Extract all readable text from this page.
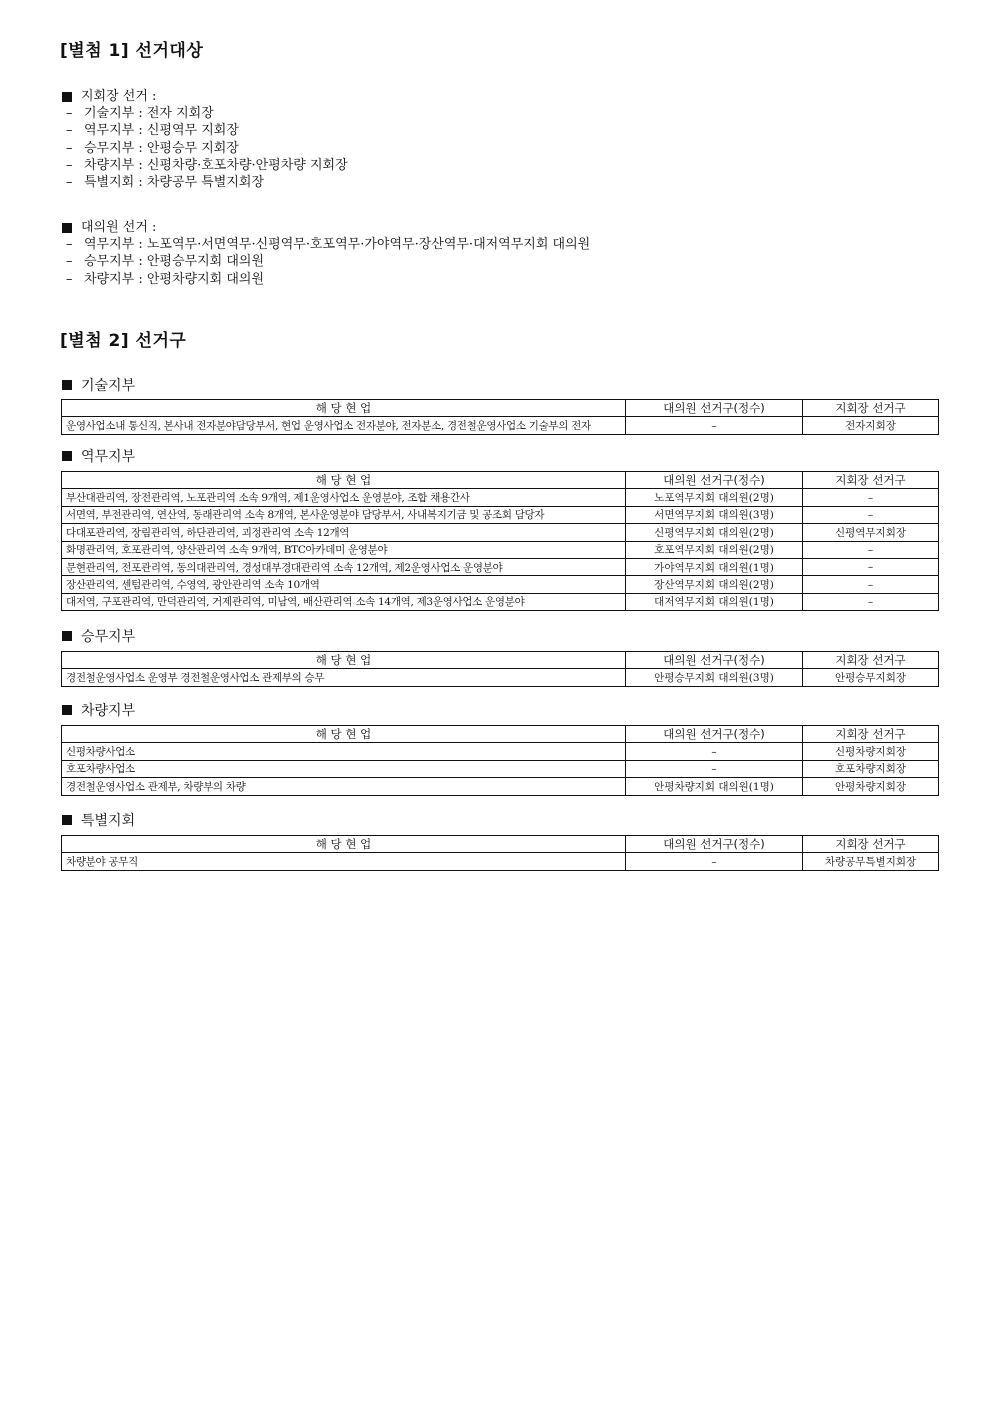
[별첨 1] 선거대상
지회장 선거 :
– 기술지부 : 전자 지회장
– 역무지부 : 신평역무 지회장
– 승무지부 : 안평승무 지회장
– 차량지부 : 신평차량·호포차량·안평차량 지회장
– 특별지회 : 차량공무 특별지회장
대의원 선거 :
– 역무지부 : 노포역무·서면역무·신평역무·호포역무·가야역무·장산역무·대저역무지회 대의원
– 승무지부 : 안평승무지회 대의원
– 차량지부 : 안평차량지회 대의원
[별첨 2] 선거구
기술지부
해 당 현 업	대의원 선거구(정수)	지회장 선거구
운영사업소내 통신직, 본사내 전자분야담당부서, 현업 운영사업소 전자분야, 전자분소, 경전철운영사업소 기술부의 전자	–	전자지회장
역무지부
해 당 현 업	대의원 선거구(정수)	지회장 선거구
부산대관리역, 장전관리역, 노포관리역 소속 9개역, 제1운영사업소 운영분야, 조합 채용간사	노포역무지회 대의원(2명)	–
서면역, 부전관리역, 연산역, 동래관리역 소속 8개역, 본사운영분야 담당부서, 사내복지기금 및 공조회 담당자	서면역무지회 대의원(3명)	–
다대포관리역, 장림관리역, 하단관리역, 괴정관리역 소속 12개역	신평역무지회 대의원(2명)	신평역무지회장
화명관리역, 호포관리역, 양산관리역 소속 9개역, BTC아카데미 운영분야	호포역무지회 대의원(2명)	–
문현관리역, 전포관리역, 동의대관리역, 경성대부경대관리역 소속 12개역, 제2운영사업소 운영분야	가야역무지회 대의원(1명)	–
장산관리역, 센텀관리역, 수영역, 광안관리역 소속 10개역	장산역무지회 대의원(2명)	–
대저역, 구포관리역, 만덕관리역, 거제관리역, 미남역, 배산관리역 소속 14개역, 제3운영사업소 운영분야	대저역무지회 대의원(1명)	–
승무지부
해 당 현 업	대의원 선거구(정수)	지회장 선거구
경전철운영사업소 운영부 경전철운영사업소 관제부의 승무	안평승무지회 대의원(3명)	안평승무지회장
차량지부
해 당 현 업	대의원 선거구(정수)	지회장 선거구
신평차량사업소	–	신평차량지회장
호포차량사업소	–	호포차량지회장
경전철운영사업소 관제부, 차량부의 차량	안평차량지회 대의원(1명)	안평차량지회장
특별지회
해 당 현 업	대의원 선거구(정수)	지회장 선거구
차량분야 공무직	–	차량공무특별지회장
